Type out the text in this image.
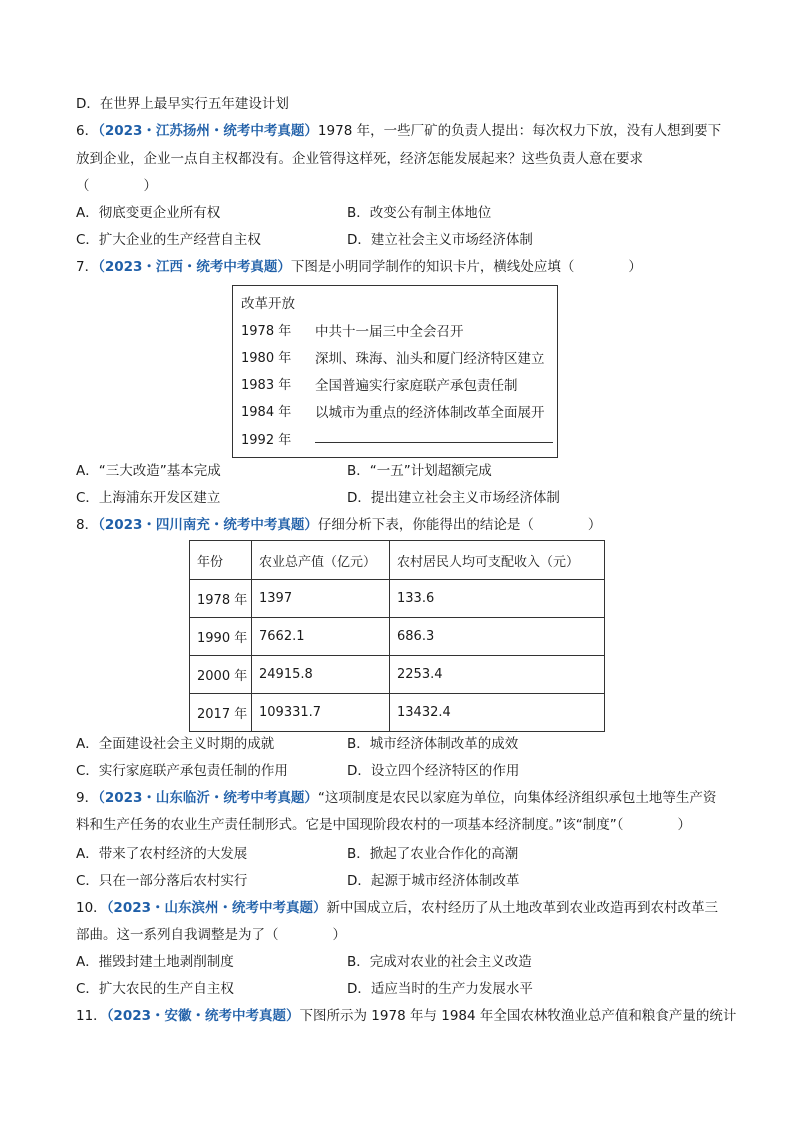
D．在世界上最早实行五年建设计划
6．（2023・江苏扬州・统考中考真题）1978 年，一些厂矿的负责人提出：每次权力下放，没有人想到要下
放到企业，企业一点自主权都没有。企业管得这样死，经济怎能发展起来？这些负责人意在要求
（　　　　）
A．彻底变更企业所有权	B．改变公有制主体地位
C．扩大企业的生产经营自主权	D．建立社会主义市场经济体制
7．（2023・江西・统考中考真题）下图是小明同学制作的知识卡片，横线处应填（　　　　）
改革开放
1978 年 中共十一届三中全会召开
1980 年 深圳、珠海、汕头和厦门经济特区建立
1983 年 全国普遍实行家庭联产承包责任制
1984 年 以城市为重点的经济体制改革全面展开
1992 年
A．“三大改造”基本完成	B．“一五”计划超额完成
C．上海浦东开发区建立	D．提出建立社会主义市场经济体制
8．（2023・四川南充・统考中考真题）仔细分析下表，你能得出的结论是（　　　　）
年份	农业总产值（亿元）	农村居民人均可支配收入（元）
1978 年	1397	133.6
1990 年	7662.1	686.3
2000 年	24915.8	2253.4
2017 年	109331.7	13432.4
A．全面建设社会主义时期的成就	B．城市经济体制改革的成效
C．实行家庭联产承包责任制的作用	D．设立四个经济特区的作用
9．（2023・山东临沂・统考中考真题）“这项制度是农民以家庭为单位，向集体经济组织承包土地等生产资
料和生产任务的农业生产责任制形式。它是中国现阶段农村的一项基本经济制度。”该“制度”（　　　　）
A．带来了农村经济的大发展	B．掀起了农业合作化的高潮
C．只在一部分落后农村实行	D．起源于城市经济体制改革
10．（2023・山东滨州・统考中考真题）新中国成立后，农村经历了从土地改革到农业改造再到农村改革三
部曲。这一系列自我调整是为了（　　　　）
A．摧毁封建土地剥削制度	B．完成对农业的社会主义改造
C．扩大农民的生产自主权	D．适应当时的生产力发展水平
11．（2023・安徽・统考中考真题）下图所示为 1978 年与 1984 年全国农林牧渔业总产值和粮食产量的统计
